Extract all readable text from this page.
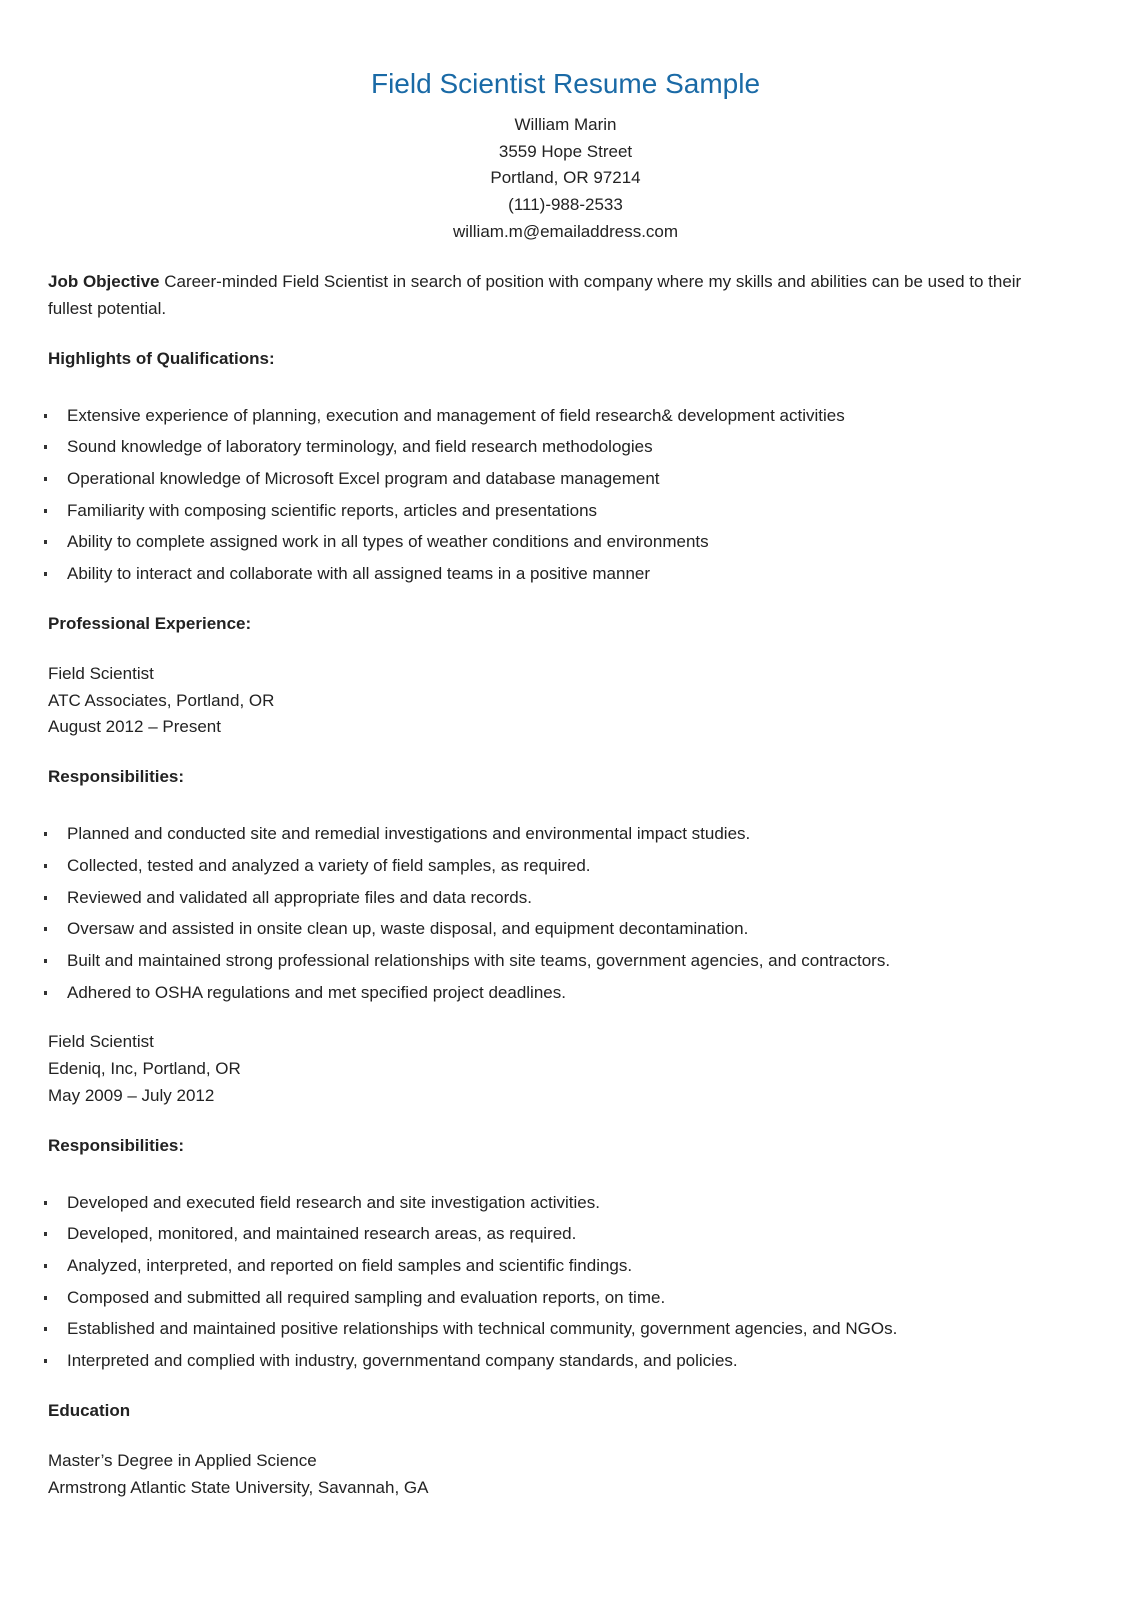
Field Scientist Resume Sample
William Marin
3559 Hope Street
Portland, OR 97214
(111)-988-2533
william.m@emailaddress.com
Job Objective Career-minded Field Scientist in search of position with company where my skills and abilities can be used to their
fullest potential.
Highlights of Qualifications:
Extensive experience of planning, execution and management of field research& development activities
Sound knowledge of laboratory terminology, and field research methodologies
Operational knowledge of Microsoft Excel program and database management
Familiarity with composing scientific reports, articles and presentations
Ability to complete assigned work in all types of weather conditions and environments
Ability to interact and collaborate with all assigned teams in a positive manner
Professional Experience:
Field Scientist
ATC Associates, Portland, OR
August 2012 – Present
Responsibilities:
Planned and conducted site and remedial investigations and environmental impact studies.
Collected, tested and analyzed a variety of field samples, as required.
Reviewed and validated all appropriate files and data records.
Oversaw and assisted in onsite clean up, waste disposal, and equipment decontamination.
Built and maintained strong professional relationships with site teams, government agencies, and contractors.
Adhered to OSHA regulations and met specified project deadlines.
Field Scientist
Edeniq, Inc, Portland, OR
May 2009 – July 2012
Responsibilities:
Developed and executed field research and site investigation activities.
Developed, monitored, and maintained research areas, as required.
Analyzed, interpreted, and reported on field samples and scientific findings.
Composed and submitted all required sampling and evaluation reports, on time.
Established and maintained positive relationships with technical community, government agencies, and NGOs.
Interpreted and complied with industry, governmentand company standards, and policies.
Education
Master’s Degree in Applied Science
Armstrong Atlantic State University, Savannah, GA
